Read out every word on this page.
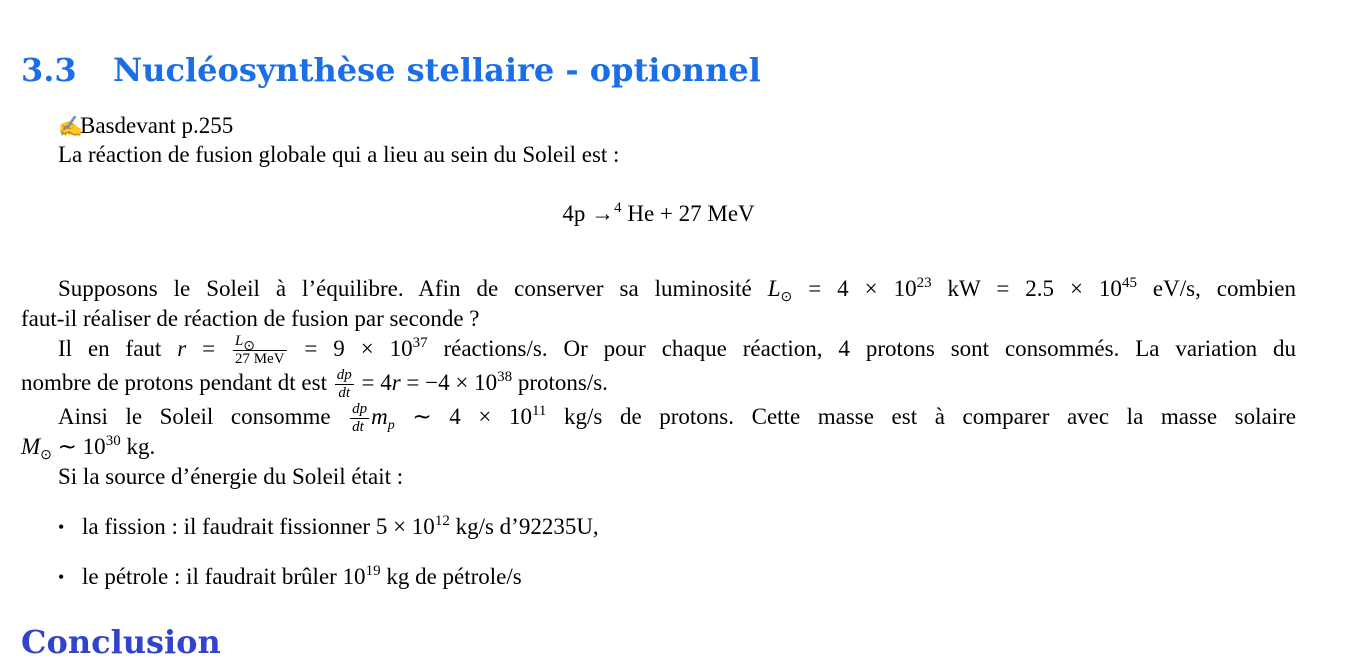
3.3 Nucléosynthèse stellaire - optionnel

✍Basdevant p.255

La réaction de fusion globale qui a lieu au sein du Soleil est :

4p →$^4$ He + 27 MeV

Supposons le Soleil à l’équilibre. Afin de conserver sa luminosité $L_⊙ = 4 \times 10^{23}$ kW = $2.5 \times 10^{45}$ eV/s, combien

faut-il réaliser de réaction de fusion par seconde ?

Il en faut $r = \frac{L_⊙}{\text{27 MeV}} = 9 \times 10^{37}$ réactions/s. Or pour chaque réaction, 4 protons sont consommés. La variation du

nombre de protons pendant dt est $\frac{dp}{dt} = 4r = -4 \times 10^{38}$ protons/s.

Ainsi le Soleil consomme $\frac{dp}{dt} m_p$ ∼ $4 \times 10^{11}$ kg/s de protons. Cette masse est à comparer avec la masse solaire

$M_⊙$ ∼ $10^{30}$ kg.

Si la source d’énergie du Soleil était :

• la fission : il faudrait fissionner $5 \times 10^{12}$ kg/s d’92235U,
• le pétrole : il faudrait brûler $10^{19}$ kg de pétrole/s
Conclusion
